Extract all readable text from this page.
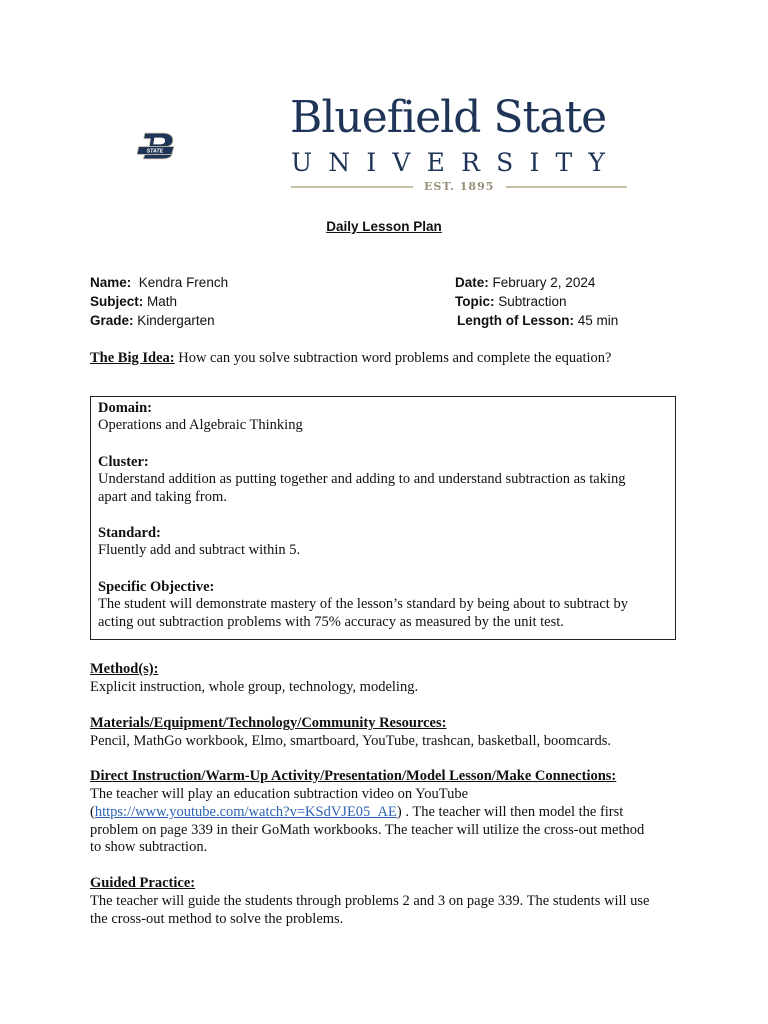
STATE
Bluefield State
UNIVERSITY
EST. 1895
Daily Lesson Plan
Name: Kendra French
Subject: Math
Grade: Kindergarten
Date: February 2, 2024
Topic: Subtraction
Length of Lesson: 45 min
The Big Idea: How can you solve subtraction word problems and complete the equation?
Domain:
Operations and Algebraic Thinking
Cluster:
Understand addition as putting together and adding to and understand subtraction as taking
apart and taking from.
Standard:
Fluently add and subtract within 5.
Specific Objective:
The student will demonstrate mastery of the lesson’s standard by being about to subtract by
acting out subtraction problems with 75% accuracy as measured by the unit test.
Method(s):
Explicit instruction, whole group, technology, modeling.
Materials/Equipment/Technology/Community Resources:
Pencil, MathGo workbook, Elmo, smartboard, YouTube, trashcan, basketball, boomcards.
Direct Instruction/Warm-Up Activity/Presentation/Model Lesson/Make Connections:
The teacher will play an education subtraction video on YouTube
(https://www.youtube.com/watch?v=KSdVJE05_AE) . The teacher will then model the first
problem on page 339 in their GoMath workbooks. The teacher will utilize the cross-out method
to show subtraction.
Guided Practice:
The teacher will guide the students through problems 2 and 3 on page 339. The students will use
the cross-out method to solve the problems.
